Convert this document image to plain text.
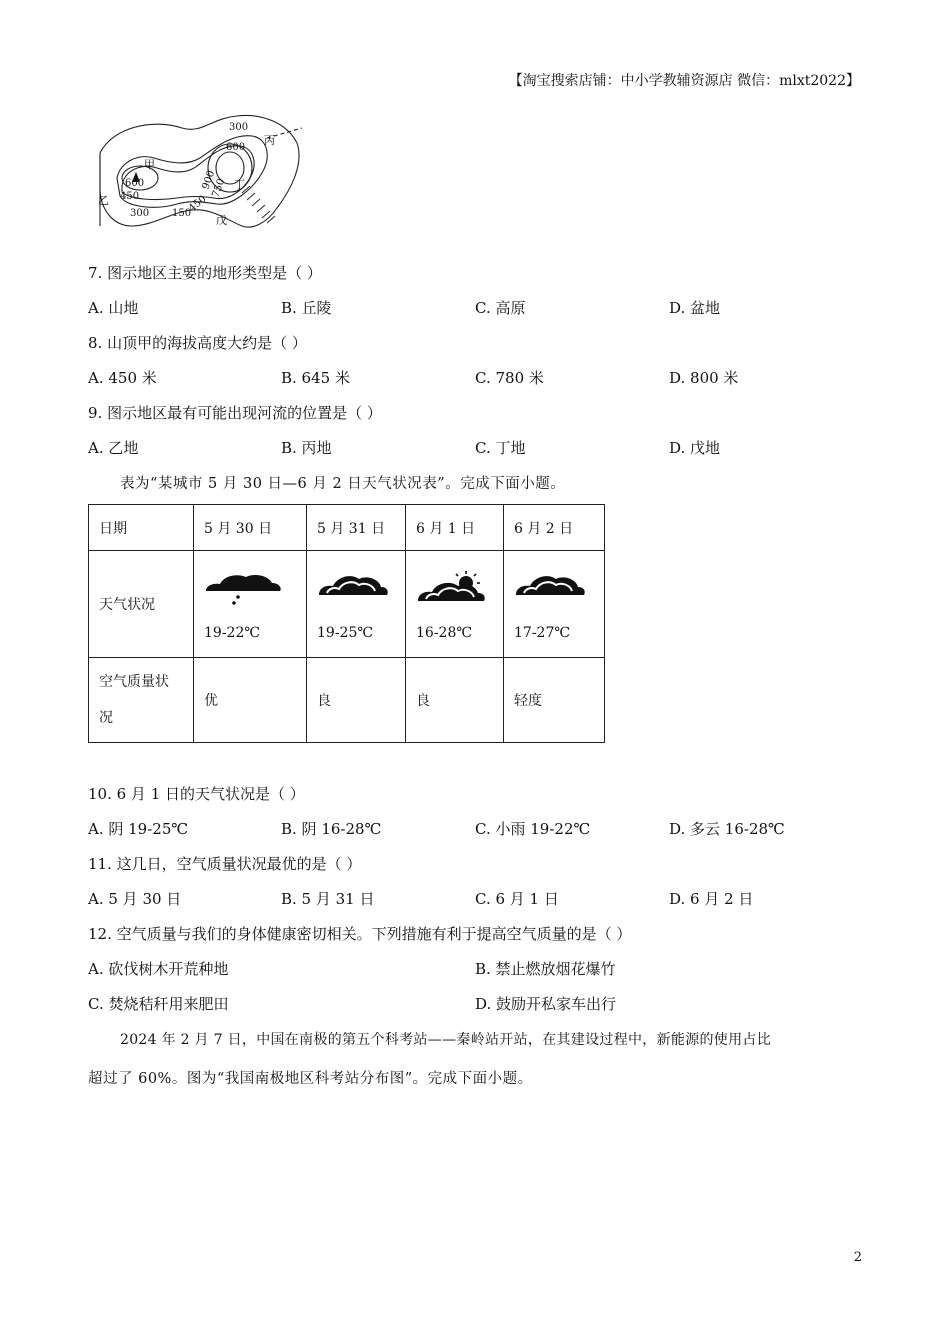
【淘宝搜索店铺：中小学教辅资源店 微信：mlxt2022】
300
600
900
750
450
600
450
300 150
甲
乙
丙
丁
戊
7. 图示地区主要的地形类型是（ ）
A. 山地	B. 丘陵	C. 高原	D. 盆地
8. 山顶甲的海拔高度大约是（ ）
A. 450 米	B. 645 米	C. 780 米	D. 800 米
9. 图示地区最有可能出现河流的位置是（ ）
A. 乙地	B. 丙地	C. 丁地	D. 戊地
表为“某城市 5 月 30 日—6 月 2 日天气状况表”。完成下面小题。
日期	5 月 30 日	5 月 31 日	6 月 1 日	6 月 2 日
天气状况	19-22℃	19-25℃	16-28℃	17-27℃

空气质量状
况	优	良	良	轻度
10. 6 月 1 日的天气状况是（ ）
A. 阴 19-25℃	B. 阴 16-28℃	C. 小雨 19-22℃	D. 多云 16-28℃
11. 这几日，空气质量状况最优的是（ ）
A. 5 月 30 日	B. 5 月 31 日	C. 6 月 1 日	D. 6 月 2 日
12. 空气质量与我们的身体健康密切相关。下列措施有利于提高空气质量的是（ ）
A. 砍伐树木开荒种地	B. 禁止燃放烟花爆竹
C. 焚烧秸秆用来肥田	D. 鼓励开私家车出行
2024 年 2 月 7 日，中国在南极的第五个科考站——秦岭站开站，在其建设过程中，新能源的使用占比
超过了 60%。图为“我国南极地区科考站分布图”。完成下面小题。
2
